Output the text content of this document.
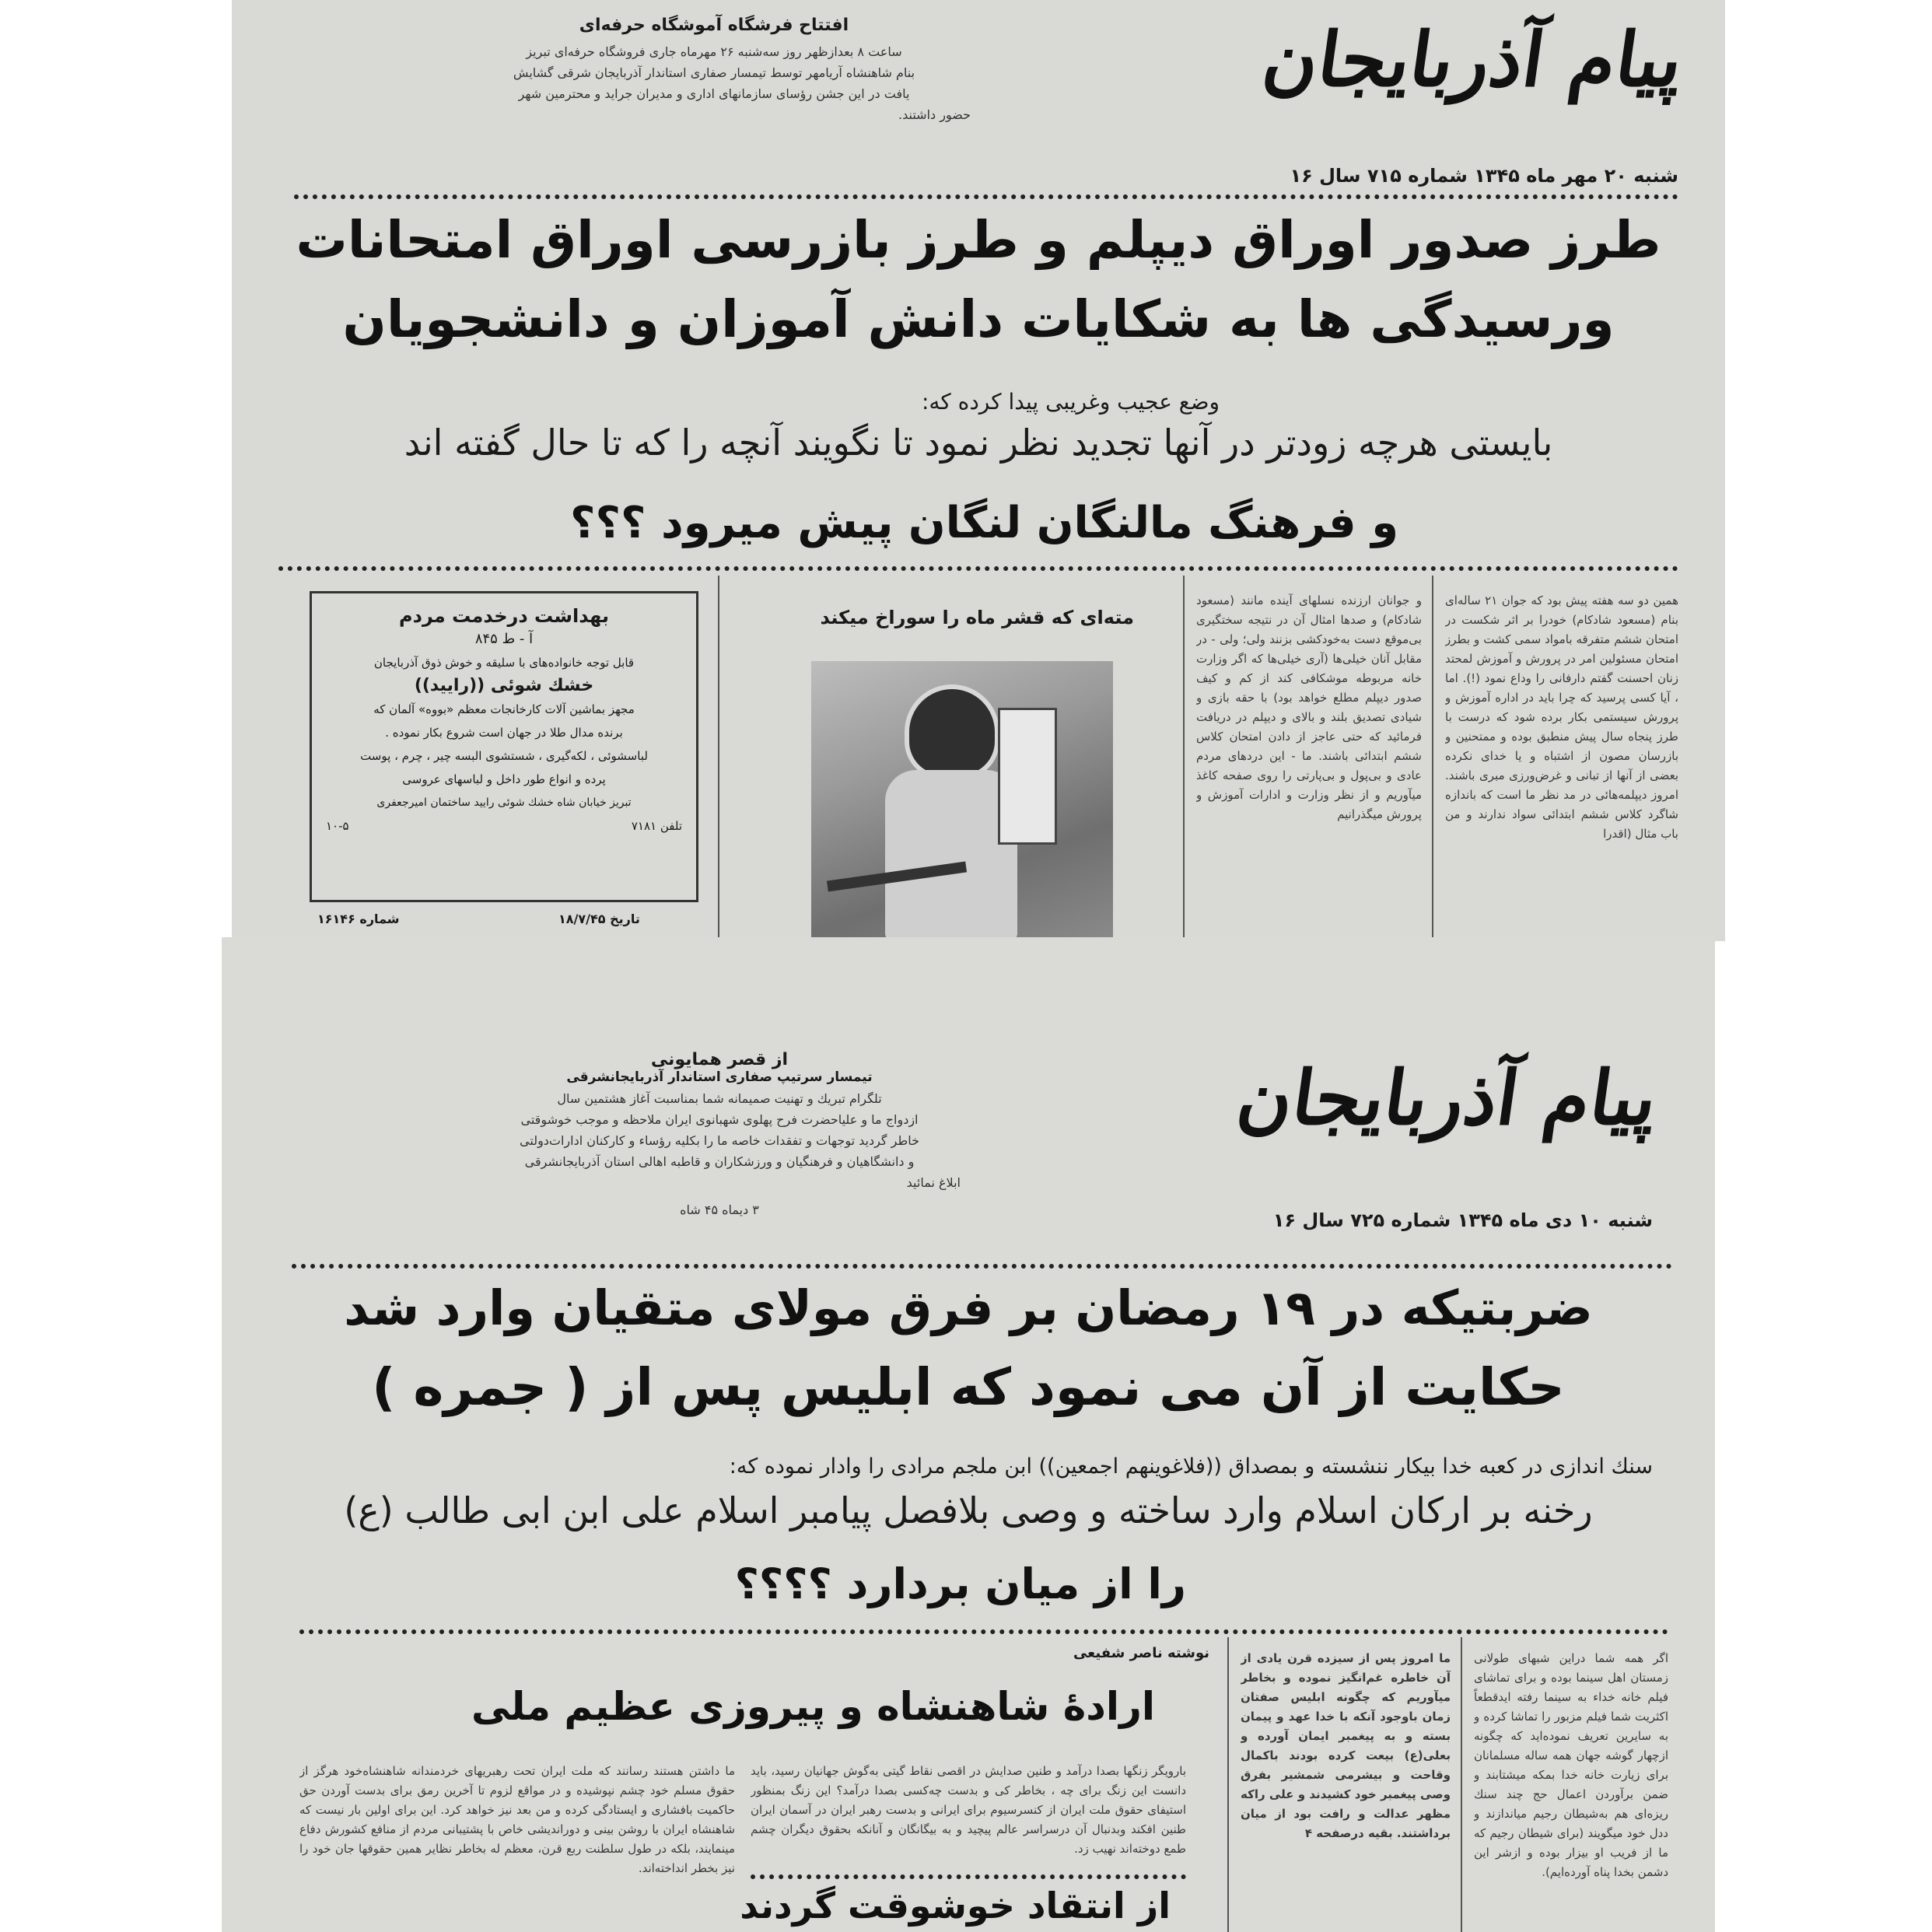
پیام آذربایجان
شنبه ۲۰ مهر ماه ۱۳۴۵ شماره ۷۱۵ سال ۱۶
افتتاح فرشگاه آموشگاه حرفه‌ای
ساعت ۸ بعدازظهر روز سه‌شنبه ۲۶ مهرماه جاری فروشگاه حرفه‌ای تبریز
بنام شاهنشاه آریامهر توسط تیمسار صفاری استاندار آذربایجان شرقی گشایش
یافت در این جشن رؤسای سازمانهای اداری و مدیران جراید و محترمین شهر
حضور داشتند.
طرز صدور اوراق دیپلم و طرز بازرسی اوراق امتحانات
ورسیدگی ها به شکایات دانش آموزان و دانشجویان
وضع عجیب وغریبی پیدا کرده که:
بایستی هرچه زودتر در آنها تجدید نظر نمود تا نگویند آنچه را که تا حال گفته اند
و فرهنگ مالنگان لنگان پیش میرود ؟؟؟

همین دو سه هفته پیش بود که جوان ۲۱ ساله‌ای بنام (مسعود شادکام) خودرا بر اثر شکست در امتحان ششم متفرقه بامواد سمی کشت و بطرز امتحان مسئولین امر در پرورش و آموزش لمحتد زنان احسنت گفتم دارفانی را وداع نمود (!). اما ، آیا کسی پرسید که چرا باید در اداره آموزش و پرورش سیستمی بکار برده شود که درست با طرز پنجاه سال پیش منطبق بوده و ممتحنین و بازرسان مصون از اشتباه و یا خدای نکرده بعضی از آنها از تبانی و غرض‌ورزی مبری باشند. امروز دیپلمه‌هائی در مد نظر ما است که باندازه شاگرد کلاس ششم ابتدائی سواد ندارند و من باب مثال (اقدرا

و جوانان ارزنده نسلهای آینده مانند (مسعود شادکام) و صدها امثال آن در نتیجه سختگیری بی‌موقع دست به‌خودکشی بزنند ولی؛ ولی - در مقابل آنان خیلی‌ها (آری خیلی‌ها که اگر وزارت خانه مربوطه موشکافی کند از کم و کیف صدور دیپلم مطلع خواهد بود) با حقه بازی و شیادی تصدیق بلند و بالای و دیپلم در دریافت فرمائید که حتی عاجز از دادن امتحان کلاس ششم ابتدائی باشند. ما - این دردهای مردم عادی و بی‌پول و بی‌پارتی را روی صفحه کاغذ میآوریم و از نظر وزارت و ادارات آموزش و پرورش میگذرانیم

مته‌ای که قشر ماه را سوراخ میکند
بهداشت درخدمت مردم
آ - ط ۸۴۵
قابل توجه خانواده‌های با سلیقه و خوش ذوق آذربایجان
خشك شوئی ((رایید))
مجهز بماشین آلات کارخانجات معظم «بووه» آلمان که
برنده مدال طلا در جهان است شروع بکار نموده .
لباسشوئی ، لکه‌گیری ، شستشوی البسه چیر ، چرم ، پوست
پرده و انواع طور داخل و لباسهای عروسی
تبریز خیابان شاه خشك شوئی رایید ساختمان امیرجعفری
تلفن ۷۱۸۱
۱۰-۵
شماره ۱۶۱۴۶	تاریخ ۱۸/۷/۴۵
پیام آذربایجان
شنبه ۱۰ دی ماه ۱۳۴۵ شماره ۷۲۵ سال ۱۶
از قصر همایونی
تیمسار سرتیپ صفاری استاندار آذربایجانشرقی
تلگرام تبریك و تهنیت صمیمانه شما بمناسبت آغاز هشتمین سال
ازدواج ما و علیاحضرت فرح پهلوی شهبانوی ایران ملاحظه و موجب خوشوقتی
خاطر گردید توجهات و تفقدات خاصه ما را بکلیه رؤساء و کارکنان ادارات‌دولتی
و دانشگاهیان و فرهنگیان و ورزشکاران و قاطبه اهالی استان آذربایجانشرقی
ابلاغ نمائید
۳ دیماه ۴۵ شاه
ضربتیکه در ۱۹ رمضان بر فرق مولای متقیان وارد شد
حکایت از آن می نمود که ابلیس پس از ( جمره )
سنك اندازی در کعبه خدا بیکار ننشسته و بمصداق ((فلاغوینهم اجمعین)) ابن ملجم مرادی را وادار نموده که:
رخنه بر ارکان اسلام وارد ساخته و وصی بلافصل پیامبر اسلام علی ابن ابی طالب (ع)
را از میان بردارد ؟؟؟؟

اگر همه شما دراین شبهای طولانی زمستان اهل سینما بوده و برای تماشای فیلم خانه خداء به سینما رفته ایدقطعاً اکثریت شما فیلم مزبور را تماشا کرده و به سایرین تعریف نموده‌اید که چگونه ازچهار گوشه جهان همه ساله مسلمانان برای زیارت خانه خدا بمکه میشتابند و ضمن برآوردن اعمال حج چند سنك ریزه‌ای هم به‌شیطان رجیم میاندازند و ددل خود میگویند (برای شیطان رجیم که ما از فریب او بیزار بوده و ازشر این دشمن بخدا پناه آورده‌ایم).

ما امروز پس از سیزده قرن یادی از آن خاطره غم‌انگیز نموده و بخاطر میآوریم که چگونه ابلیس صفتان زمان باوجود آنکه با خدا عهد و پیمان بسته و به پیغمبر ایمان آورده و بعلی(ع) بیعت کرده بودند باکمال وقاحت و بیشرمی شمشیر بفرق وصی پیغمبر خود کشیدند و علی راکه مظهر عدالت و رافت بود از میان برداشتند. بقیه درصفحه ۴

نوشته ناصر شفیعی
ارادهٔ شاهنشاه و پیروزی عظیم ملی

ما داشتن هستند رسانند که ملت ایران تحت رهبریهای خردمندانه شاهنشاه‌خود هرگز از حقوق مسلم خود چشم نپوشیده و در مواقع لزوم تا آخرین رمق برای بدست آوردن حق حاکمیت بافشاری و ایستادگی کرده و من بعد نیز خواهد کرد. این برای اولین بار نیست که شاهنشاه ایران با روشن بینی و دوراندیشی خاص با پشتیبانی مردم از منافع کشورش دفاع مینمایند، بلکه در طول سلطنت ربع قرن، معظم له بخاطر نظایر همین حقوقها جان خود را نیز بخطر انداخته‌اند.

بارویگر زنگها بصدا درآمد و طنین صدایش در اقصی نقاط گیتی به‌گوش جهانیان رسید، باید دانست این زنگ برای چه ، بخاطر کی و بدست چه‌کسی بصدا درآمد؟ این زنگ بمنظور استیفای حقوق ملت ایران از کنسرسیوم برای ایرانی و بدست رهبر ایران در آسمان ایران طنین افکند وبدنبال آن درسراسر عالم پیچید و به بیگانگان و آنانکه بحقوق دیگران چشم طمع دوخته‌اند نهیب زد.

از انتقاد خوشوقت گردند
